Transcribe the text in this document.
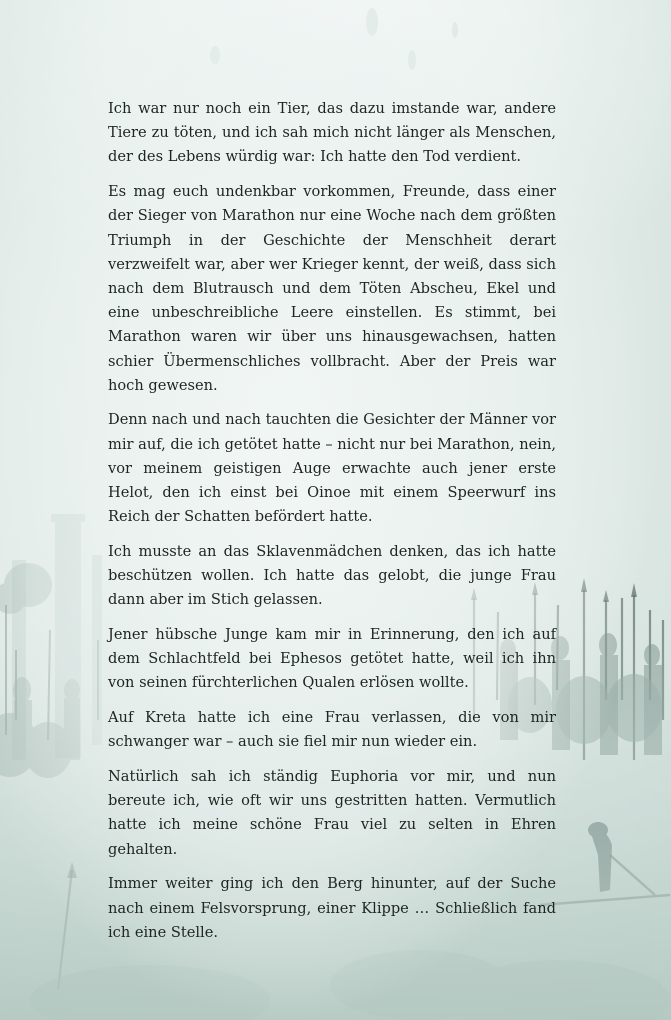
Ich war nur noch ein Tier, das dazu imstande war, andere Tiere zu töten, und ich sah mich nicht länger als Menschen, der des Lebens würdig war: Ich hatte den Tod verdient.

Es mag euch undenkbar vorkommen, Freunde, dass einer der Sieger von Marathon nur eine Woche nach dem größten Triumph in der Geschichte der Menschheit derart verzweifelt war, aber wer Krieger kennt, der weiß, dass sich nach dem Blutrausch und dem Töten Abscheu, Ekel und eine unbeschreibliche Leere einstellen. Es stimmt, bei Marathon waren wir über uns hinausgewachsen, hatten schier Übermenschliches vollbracht. Aber der Preis war hoch gewesen.

Denn nach und nach tauchten die Gesichter der Männer vor mir auf, die ich getötet hatte – nicht nur bei Marathon, nein, vor meinem geistigen Auge erwachte auch jener erste Helot, den ich einst bei Oinoe mit einem Speerwurf ins Reich der Schatten befördert hatte.

Ich musste an das Sklavenmädchen denken, das ich hatte beschützen wollen. Ich hatte das gelobt, die junge Frau dann aber im Stich gelassen.

Jener hübsche Junge kam mir in Erinnerung, den ich auf dem Schlachtfeld bei Ephesos getötet hatte, weil ich ihn von seinen fürchterlichen Qualen erlösen wollte.

Auf Kreta hatte ich eine Frau verlassen, die von mir schwanger war – auch sie fiel mir nun wieder ein.

Natürlich sah ich ständig Euphoria vor mir, und nun bereute ich, wie oft wir uns gestritten hatten. Vermutlich hatte ich meine schöne Frau viel zu selten in Ehren gehalten.

Immer weiter ging ich den Berg hinunter, auf der Suche nach einem Felsvorsprung, einer Klippe … Schließlich fand ich eine Stelle.
